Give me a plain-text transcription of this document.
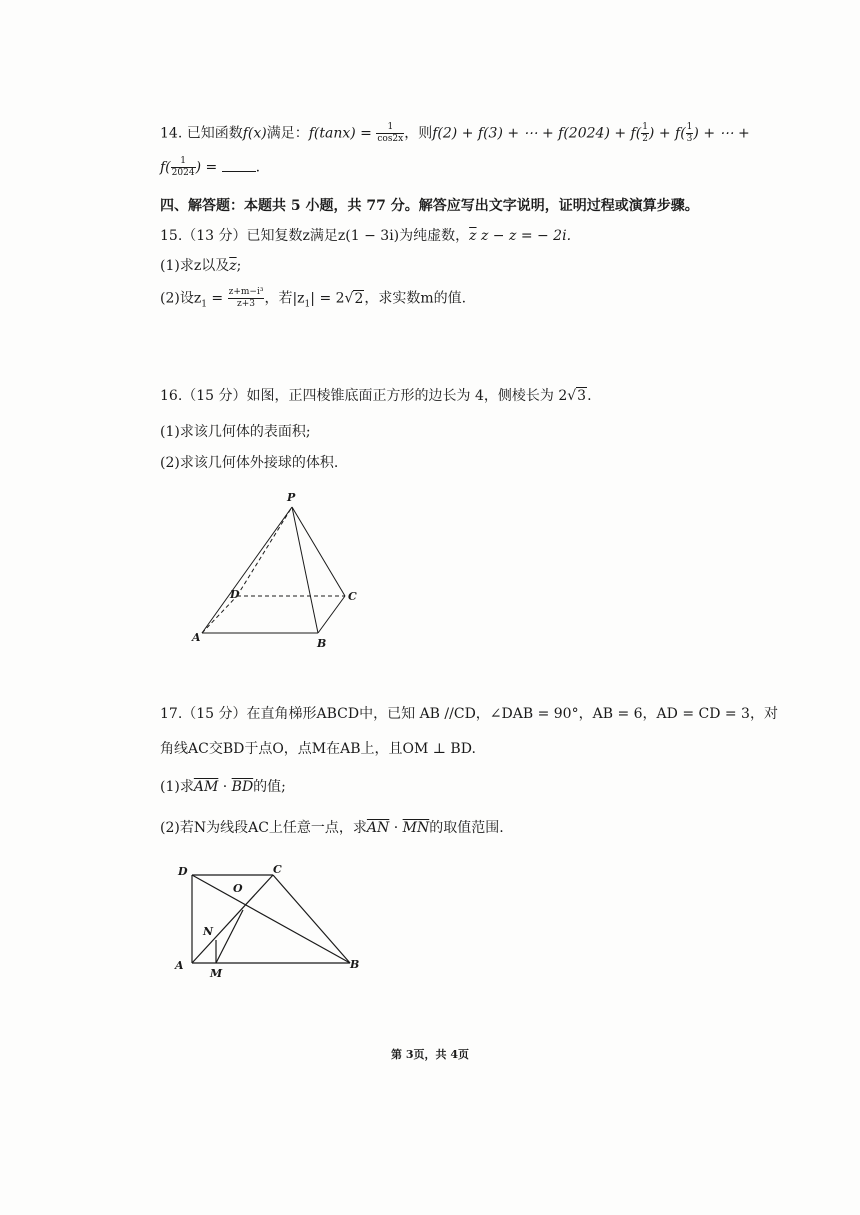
14. 已知函数f(x)满足：$f(\tan x) = \frac{1}{\cos 2x}$ ，则f(2) + f(3) + ⋯ + $f(2024) + f( \frac{1}{2}$ ) + $f( \frac{1}{3}$ ) + ⋯ +
$f( \frac{1}{2024}$ ) =	.
四、解答题：本题共 5 小题，共 77 分。解答应写出文字说明，证明过程或演算步骤。
15.（13 分）已知复数z满足z(1 − 3i)为纯虚数，$\overline{z}$ z − z = − 2i.
(1)求z以及$\overline{z}$;
(2)设$z_1 = \frac{\text{z+m−i³}}{\overline{z}+3}$ ，若$|z_1| = 2√2$，求实数m的值.
16.（15 分）如图，正四棱锥底面正方形的边长为 4，侧棱长为 2√3.
(1)求该几何体的表面积;
(2)求该几何体外接球的体积.
P
A	B
C
D
17.（15 分）在直角梯形ABCD中，已知 AB //CD，∠DAB = 90°，AB = 6，AD = CD = 3，对
角线AC交BD于点O，点M在AB上，且OM ⊥ BD.
(1)求$\overline{AM} \cdot \overline{BD}$的值;
(2)若N为线段AC上任意一点，求$\overline{AN} \cdot \overline{MN}$的取值范围.
D	C
O
N
A
M
B
第 3页，共 4页
